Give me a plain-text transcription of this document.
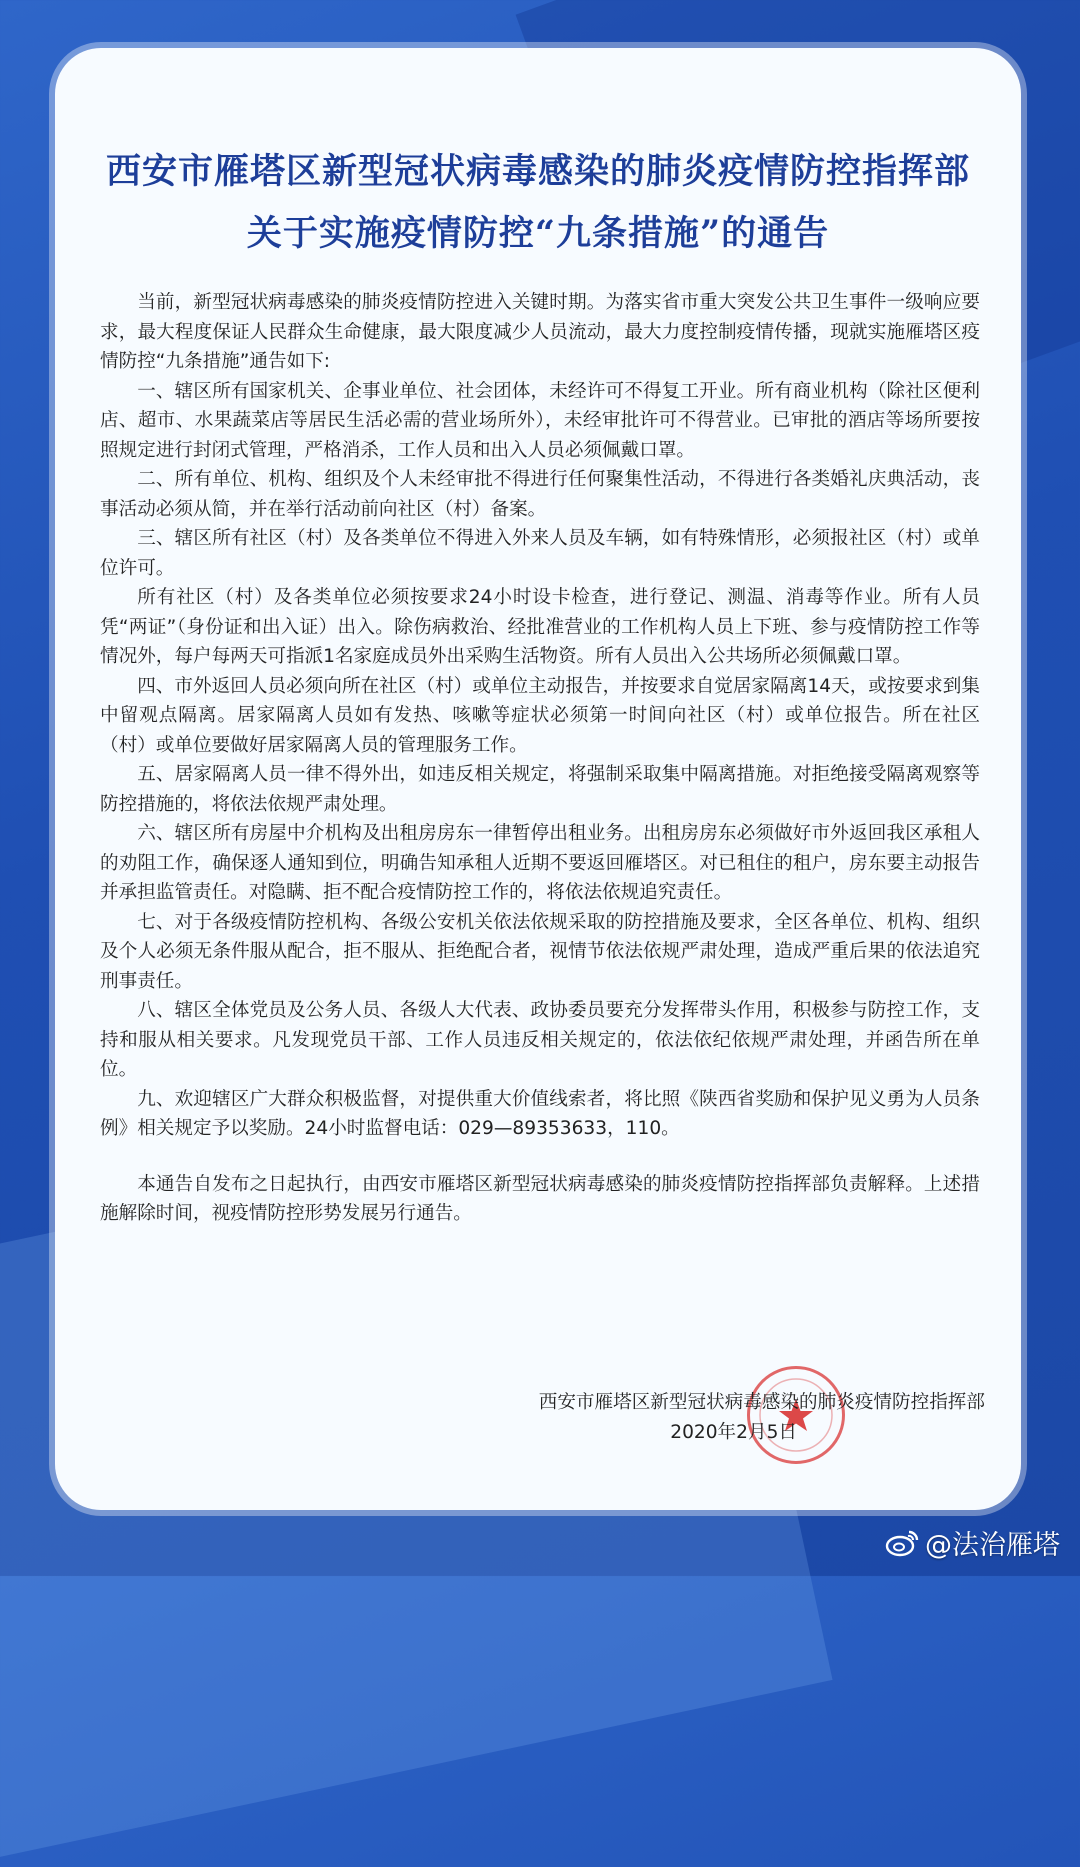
西安市雁塔区新型冠状病毒感染的肺炎疫情防控指挥部
关于实施疫情防控“九条措施”的通告

当前，新型冠状病毒感染的肺炎疫情防控进入关键时期。为落实省市重大突发公共卫生事件一级响应要求，最大程度保证人民群众生命健康，最大限度减少人员流动，最大力度控制疫情传播，现就实施雁塔区疫情防控“九条措施”通告如下:

一、辖区所有国家机关、企事业单位、社会团体，未经许可不得复工开业。所有商业机构（除社区便利店、超市、水果蔬菜店等居民生活必需的营业场所外），未经审批许可不得营业。已审批的酒店等场所要按照规定进行封闭式管理，严格消杀，工作人员和出入人员必须佩戴口罩。

二、所有单位、机构、组织及个人未经审批不得进行任何聚集性活动，不得进行各类婚礼庆典活动，丧事活动必须从简，并在举行活动前向社区（村）备案。

三、辖区所有社区（村）及各类单位不得进入外来人员及车辆，如有特殊情形，必须报社区（村）或单位许可。

所有社区（村）及各类单位必须按要求24小时设卡检查，进行登记、测温、消毒等作业。所有人员凭“两证”（身份证和出入证）出入。除伤病救治、经批准营业的工作机构人员上下班、参与疫情防控工作等情况外，每户每两天可指派1名家庭成员外出采购生活物资。所有人员出入公共场所必须佩戴口罩。

四、市外返回人员必须向所在社区（村）或单位主动报告，并按要求自觉居家隔离14天，或按要求到集中留观点隔离。居家隔离人员如有发热、咳嗽等症状必须第一时间向社区（村）或单位报告。所在社区（村）或单位要做好居家隔离人员的管理服务工作。

五、居家隔离人员一律不得外出，如违反相关规定，将强制采取集中隔离措施。对拒绝接受隔离观察等防控措施的，将依法依规严肃处理。

六、辖区所有房屋中介机构及出租房房东一律暂停出租业务。出租房房东必须做好市外返回我区承租人的劝阻工作，确保逐人通知到位，明确告知承租人近期不要返回雁塔区。对已租住的租户，房东要主动报告并承担监管责任。对隐瞒、拒不配合疫情防控工作的，将依法依规追究责任。

七、对于各级疫情防控机构、各级公安机关依法依规采取的防控措施及要求，全区各单位、机构、组织及个人必须无条件服从配合，拒不服从、拒绝配合者，视情节依法依规严肃处理，造成严重后果的依法追究刑事责任。

八、辖区全体党员及公务人员、各级人大代表、政协委员要充分发挥带头作用，积极参与防控工作，支持和服从相关要求。凡发现党员干部、工作人员违反相关规定的，依法依纪依规严肃处理，并函告所在单位。

九、欢迎辖区广大群众积极监督，对提供重大价值线索者，将比照《陕西省奖励和保护见义勇为人员条例》相关规定予以奖励。24小时监督电话：029—89353633，110。

本通告自发布之日起执行，由西安市雁塔区新型冠状病毒感染的肺炎疫情防控指挥部负责解释。上述措施解除时间，视疫情防控形势发展另行通告。

西安市雁塔区新型冠状病毒感染的肺炎疫情防控指挥部
2020年2月5日
@法治雁塔
